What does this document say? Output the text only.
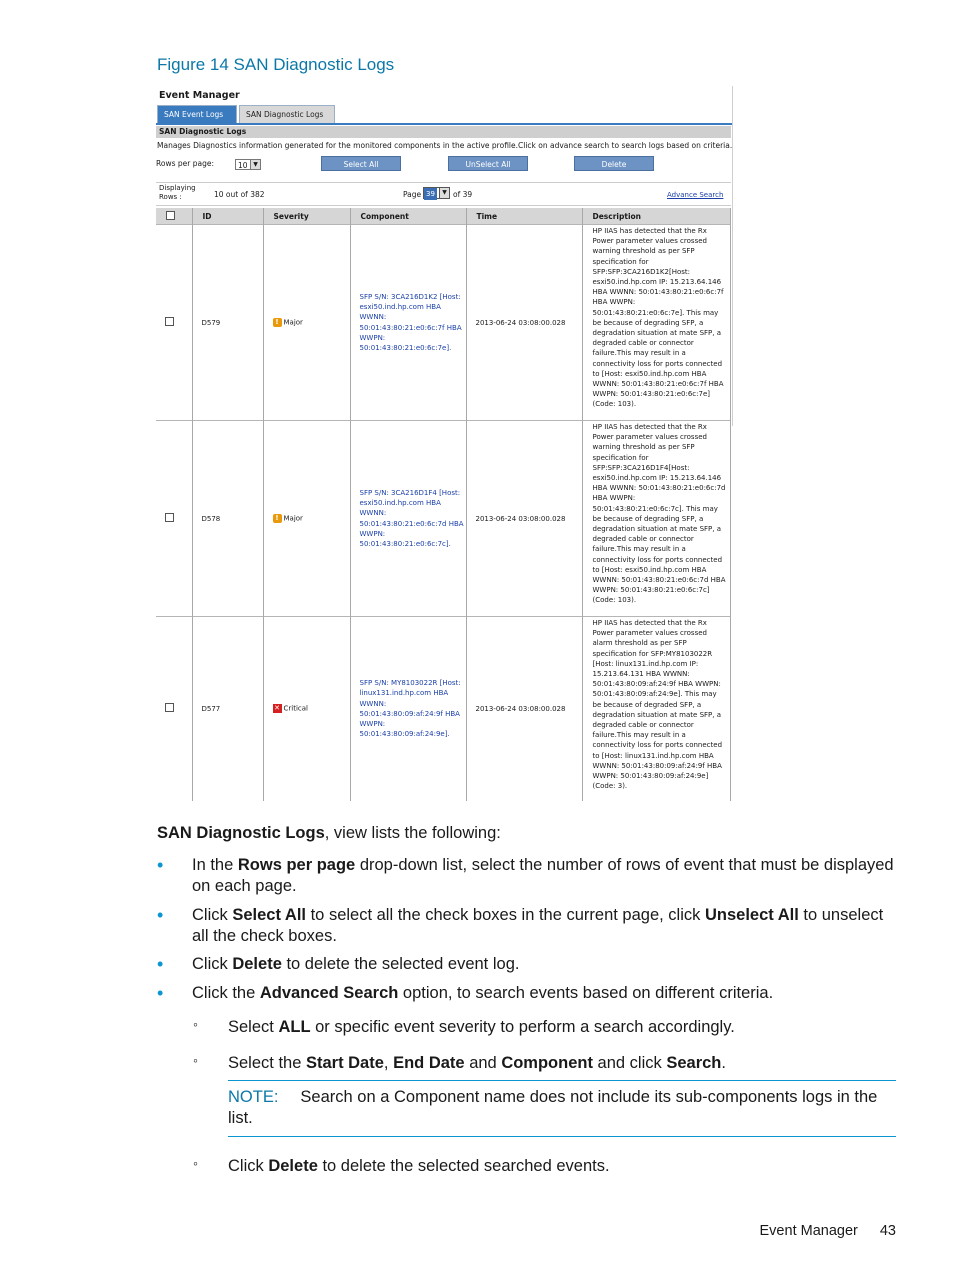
Figure 14 SAN Diagnostic Logs
Event Manager
SAN Event Logs	SAN Diagnostic Logs
SAN Diagnostic Logs
Manages Diagnostics information generated for the monitored components in the active profile.Click on advance search to search logs based on criteria.
Rows per page:	10 ▼	Select All	UnSelect All	Delete
Displaying Rows :	10 out of 382	Page 39	▼ of 39	Advance Search
	ID	Severity	Component	Time	Description
	D579	! Major	SFP S/N: 3CA216D1K2 [Host: esxi50.ind.hp.com HBA WWNN: 50:01:43:80:21:e0:6c:7f HBA WWPN: 50:01:43:80:21:e0:6c:7e].	2013-06-24 03:08:00.028	HP IIAS has detected that the Rx Power parameter values crossed warning threshold as per SFP specification for SFP:SFP:3CA216D1K2[Host: esxi50.ind.hp.com IP: 15.213.64.146 HBA WWNN: 50:01:43:80:21:e0:6c:7f HBA WWPN: 50:01:43:80:21:e0:6c:7e]. This may be because of degrading SFP, a degradation situation at mate SFP, a degraded cable or connector failure.This may result in a connectivity loss for ports connected to [Host: esxi50.ind.hp.com HBA WWNN: 50:01:43:80:21:e0:6c:7f HBA WWPN: 50:01:43:80:21:e0:6c:7e] (Code: 103).
	D578	! Major	SFP S/N: 3CA216D1F4 [Host: esxi50.ind.hp.com HBA WWNN: 50:01:43:80:21:e0:6c:7d HBA WWPN: 50:01:43:80:21:e0:6c:7c].	2013-06-24 03:08:00.028	HP IIAS has detected that the Rx Power parameter values crossed warning threshold as per SFP specification for SFP:SFP:3CA216D1F4[Host: esxi50.ind.hp.com IP: 15.213.64.146 HBA WWNN: 50:01:43:80:21:e0:6c:7d HBA WWPN: 50:01:43:80:21:e0:6c:7c]. This may be because of degrading SFP, a degradation situation at mate SFP, a degraded cable or connector failure.This may result in a connectivity loss for ports connected to [Host: esxi50.ind.hp.com HBA WWNN: 50:01:43:80:21:e0:6c:7d HBA WWPN: 50:01:43:80:21:e0:6c:7c] (Code: 103).
	D577	✕ Critical	SFP S/N: MY8103022R [Host: linux131.ind.hp.com HBA WWNN: 50:01:43:80:09:af:24:9f HBA WWPN: 50:01:43:80:09:af:24:9e].	2013-06-24 03:08:00.028	HP IIAS has detected that the Rx Power parameter values crossed alarm threshold as per SFP specification for SFP:MY8103022R [Host: linux131.ind.hp.com IP: 15.213.64.131 HBA WWNN: 50:01:43:80:09:af:24:9f HBA WWPN: 50:01:43:80:09:af:24:9e]. This may be because of degraded SFP, a degradation situation at mate SFP, a degraded cable or connector failure.This may result in a connectivity loss for ports connected to [Host: linux131.ind.hp.com HBA WWNN: 50:01:43:80:09:af:24:9f HBA WWPN: 50:01:43:80:09:af:24:9e] (Code: 3).
SAN Diagnostic Logs, view lists the following:
• In the Rows per page drop-down list, select the number of rows of event that must be displayed on each page.
• Click Select All to select all the check boxes in the current page, click Unselect All to unselect all the check boxes.
• Click Delete to delete the selected event log.
• Click the Advanced Search option, to search events based on different criteria.
◦ Select ALL or specific event severity to perform a search accordingly.
◦ Select the Start Date, End Date and Component and click Search.
NOTE: Search on a Component name does not include its sub-components logs in the list.
◦ Click Delete to delete the selected searched events.
Event Manager 43
